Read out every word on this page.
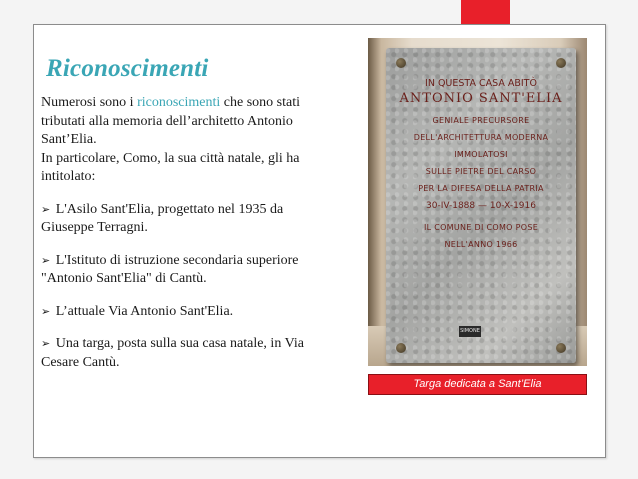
Riconoscimenti

Numerosi sono i riconoscimenti che sono stati tributati alla memoria dell’architetto Antonio Sant’Elia.

In particolare, Como, la sua città natale, gli ha intitolato:

➢ L'Asilo Sant'Elia, progettato nel 1935 da Giuseppe Terragni.

➢ L'Istituto di istruzione secondaria superiore "Antonio Sant'Elia" di Cantù.

➢ L’attuale Via Antonio Sant'Elia.

➢ Una targa, posta sulla sua casa natale, in Via Cesare Cantù.

IN QUESTA CASA ABITÒ
ANTONIO SANT'ELIA
GENIALE PRECURSORE
DELL'ARCHITETTURA MODERNA
IMMOLATOSI
SULLE PIETRE DEL CARSO
PER LA DIFESA DELLA PATRIA
30-IV-1888 — 10-X-1916
IL COMUNE DI COMO POSE
NELL'ANNO 1966
SIMONE
Targa dedicata a Sant’Elia
